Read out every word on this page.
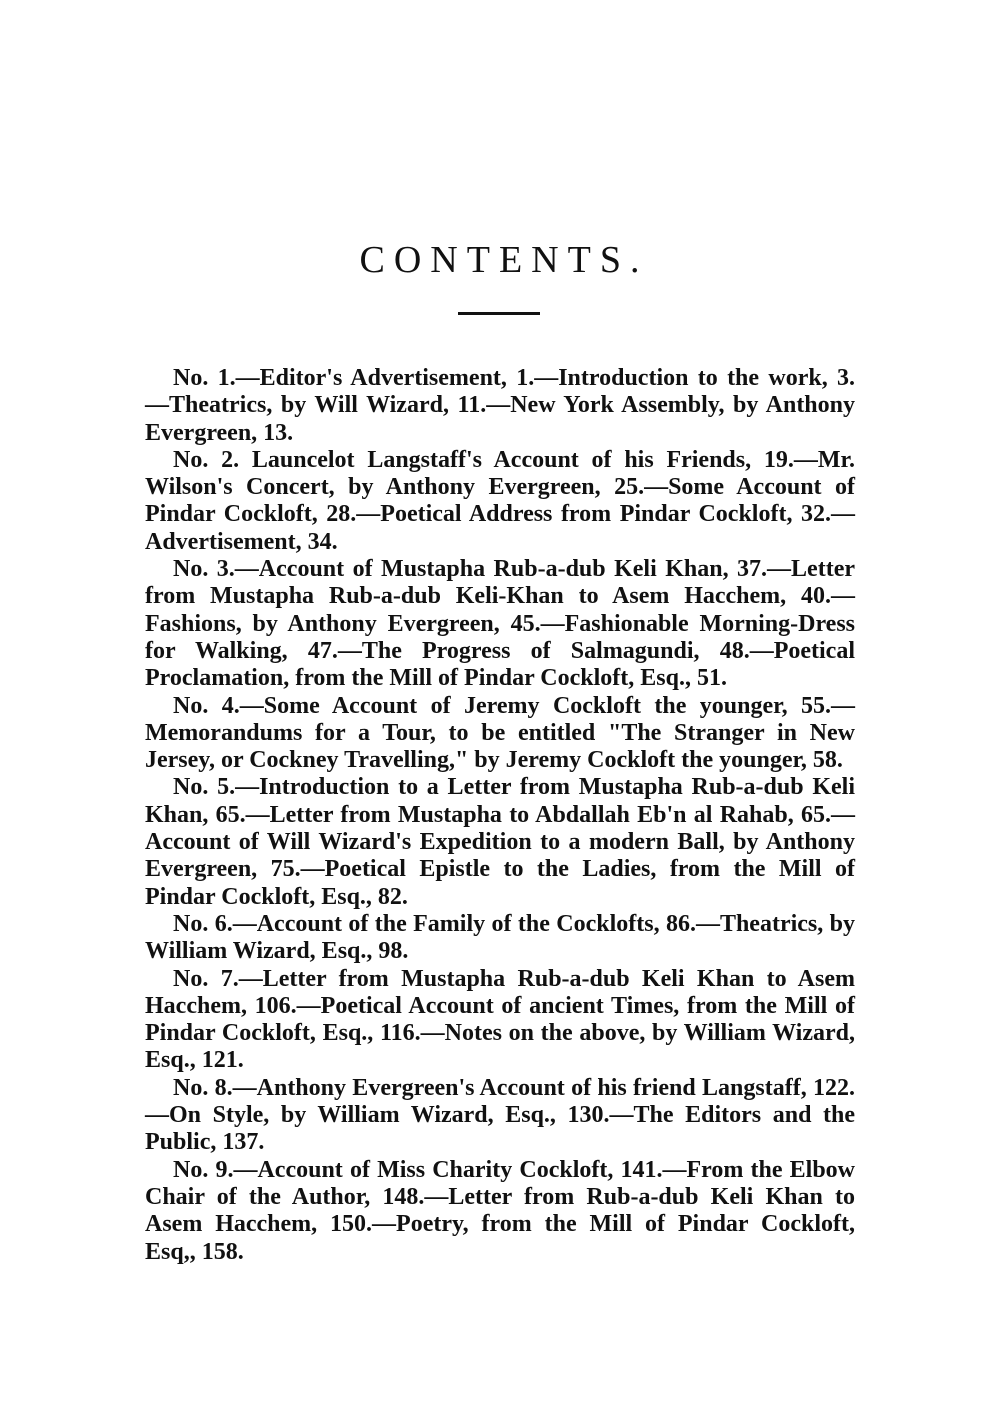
CONTENTS.

No. 1.—Editor's Advertisement, 1.—Introduction to the work, 3.—Theatrics, by Will Wizard, 11.—New York Assembly, by Anthony Evergreen, 13.

No. 2. Launcelot Langstaff's Account of his Friends, 19.—Mr. Wilson's Concert, by Anthony Evergreen, 25.—Some Account of Pindar Cockloft, 28.—Poetical Address from Pindar Cockloft, 32.—Advertisement, 34.

No. 3.—Account of Mustapha Rub-a-dub Keli Khan, 37.—Letter from Mustapha Rub-a-dub Keli-Khan to Asem Hacchem, 40.—Fashions, by Anthony Evergreen, 45.—Fashionable Morning-Dress for Walking, 47.—The Progress of Salmagundi, 48.—Poetical Proclamation, from the Mill of Pindar Cockloft, Esq., 51.

No. 4.—Some Account of Jeremy Cockloft the younger, 55.—Memorandums for a Tour, to be entitled "The Stranger in New Jersey, or Cockney Travelling," by Jeremy Cockloft the younger, 58.

No. 5.—Introduction to a Letter from Mustapha Rub-a-dub Keli Khan, 65.—Letter from Mustapha to Abdallah Eb'n al Rahab, 65.—Account of Will Wizard's Expedition to a modern Ball, by Anthony Evergreen, 75.—Poetical Epistle to the Ladies, from the Mill of Pindar Cockloft, Esq., 82.

No. 6.—Account of the Family of the Cocklofts, 86.—Theatrics, by William Wizard, Esq., 98.

No. 7.—Letter from Mustapha Rub-a-dub Keli Khan to Asem Hacchem, 106.—Poetical Account of ancient Times, from the Mill of Pindar Cockloft, Esq., 116.—Notes on the above, by William Wizard, Esq., 121.

No. 8.—Anthony Evergreen's Account of his friend Langstaff, 122.—On Style, by William Wizard, Esq., 130.—The Editors and the Public, 137.

No. 9.—Account of Miss Charity Cockloft, 141.—From the Elbow Chair of the Author, 148.—Letter from Rub-a-dub Keli Khan to Asem Hacchem, 150.—Poetry, from the Mill of Pindar Cockloft, Esq,, 158.
